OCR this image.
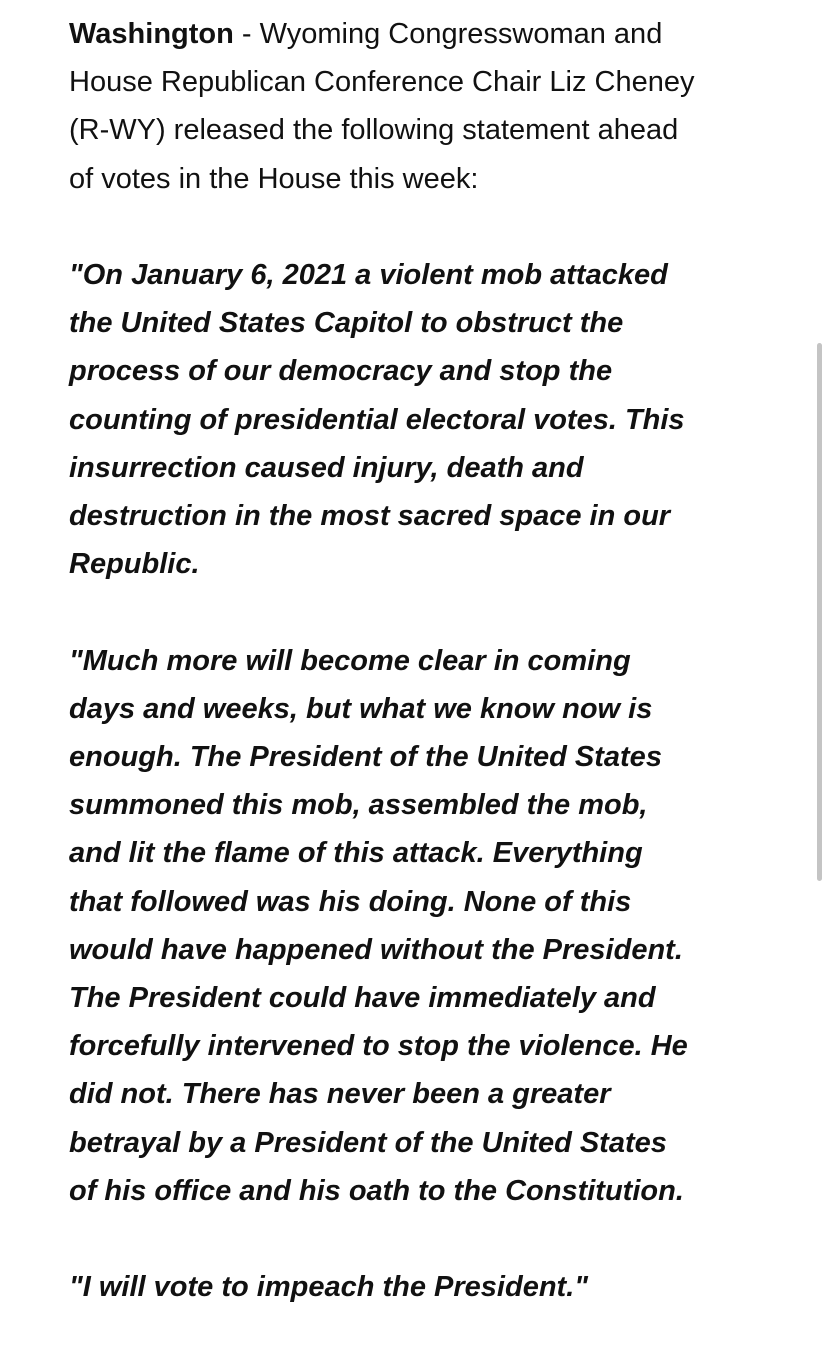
Washington - Wyoming Congresswoman and
House Republican Conference Chair Liz Cheney
(R-WY) released the following statement ahead
of votes in the House this week:

"On January 6, 2021 a violent mob attacked
the United States Capitol to obstruct the
process of our democracy and stop the
counting of presidential electoral votes. This
insurrection caused injury, death and
destruction in the most sacred space in our
Republic.

"Much more will become clear in coming
days and weeks, but what we know now is
enough. The President of the United States
summoned this mob, assembled the mob,
and lit the flame of this attack. Everything
that followed was his doing. None of this
would have happened without the President.
The President could have immediately and
forcefully intervened to stop the violence. He
did not. There has never been a greater
betrayal by a President of the United States
of his office and his oath to the Constitution.

"I will vote to impeach the President."
